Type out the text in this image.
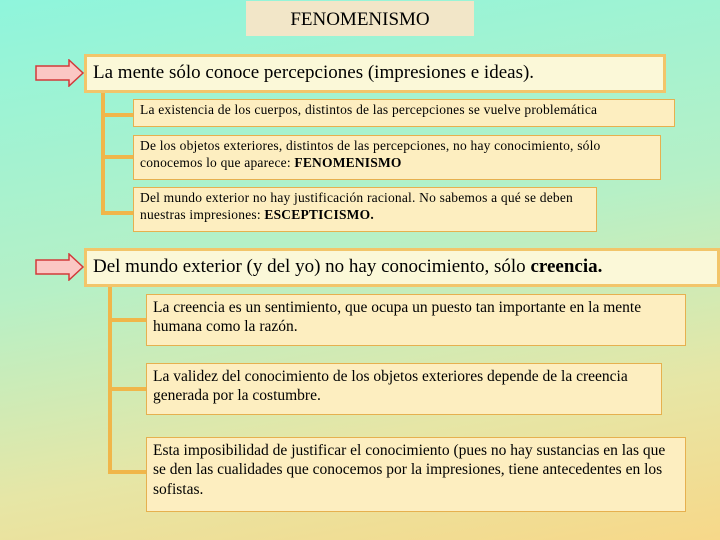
FENOMENISMO
La mente sólo conoce percepciones (impresiones e ideas).
La existencia de los cuerpos, distintos de las percepciones se vuelve problemática
De los objetos exteriores, distintos de las percepciones, no hay conocimiento, sólo conocemos lo que aparece: FENOMENISMO
Del mundo exterior no hay justificación racional. No sabemos a qué se deben nuestras impresiones: ESCEPTICISMO.
Del mundo exterior (y del yo) no hay conocimiento, sólo creencia.
La creencia es un sentimiento, que ocupa un puesto tan importante en la mente humana como la razón.
La validez del conocimiento de los objetos exteriores depende de la creencia generada por la costumbre.
Esta imposibilidad de justificar el conocimiento (pues no hay sustancias en las que se den las cualidades que conocemos por la impresiones, tiene antecedentes en los sofistas.
